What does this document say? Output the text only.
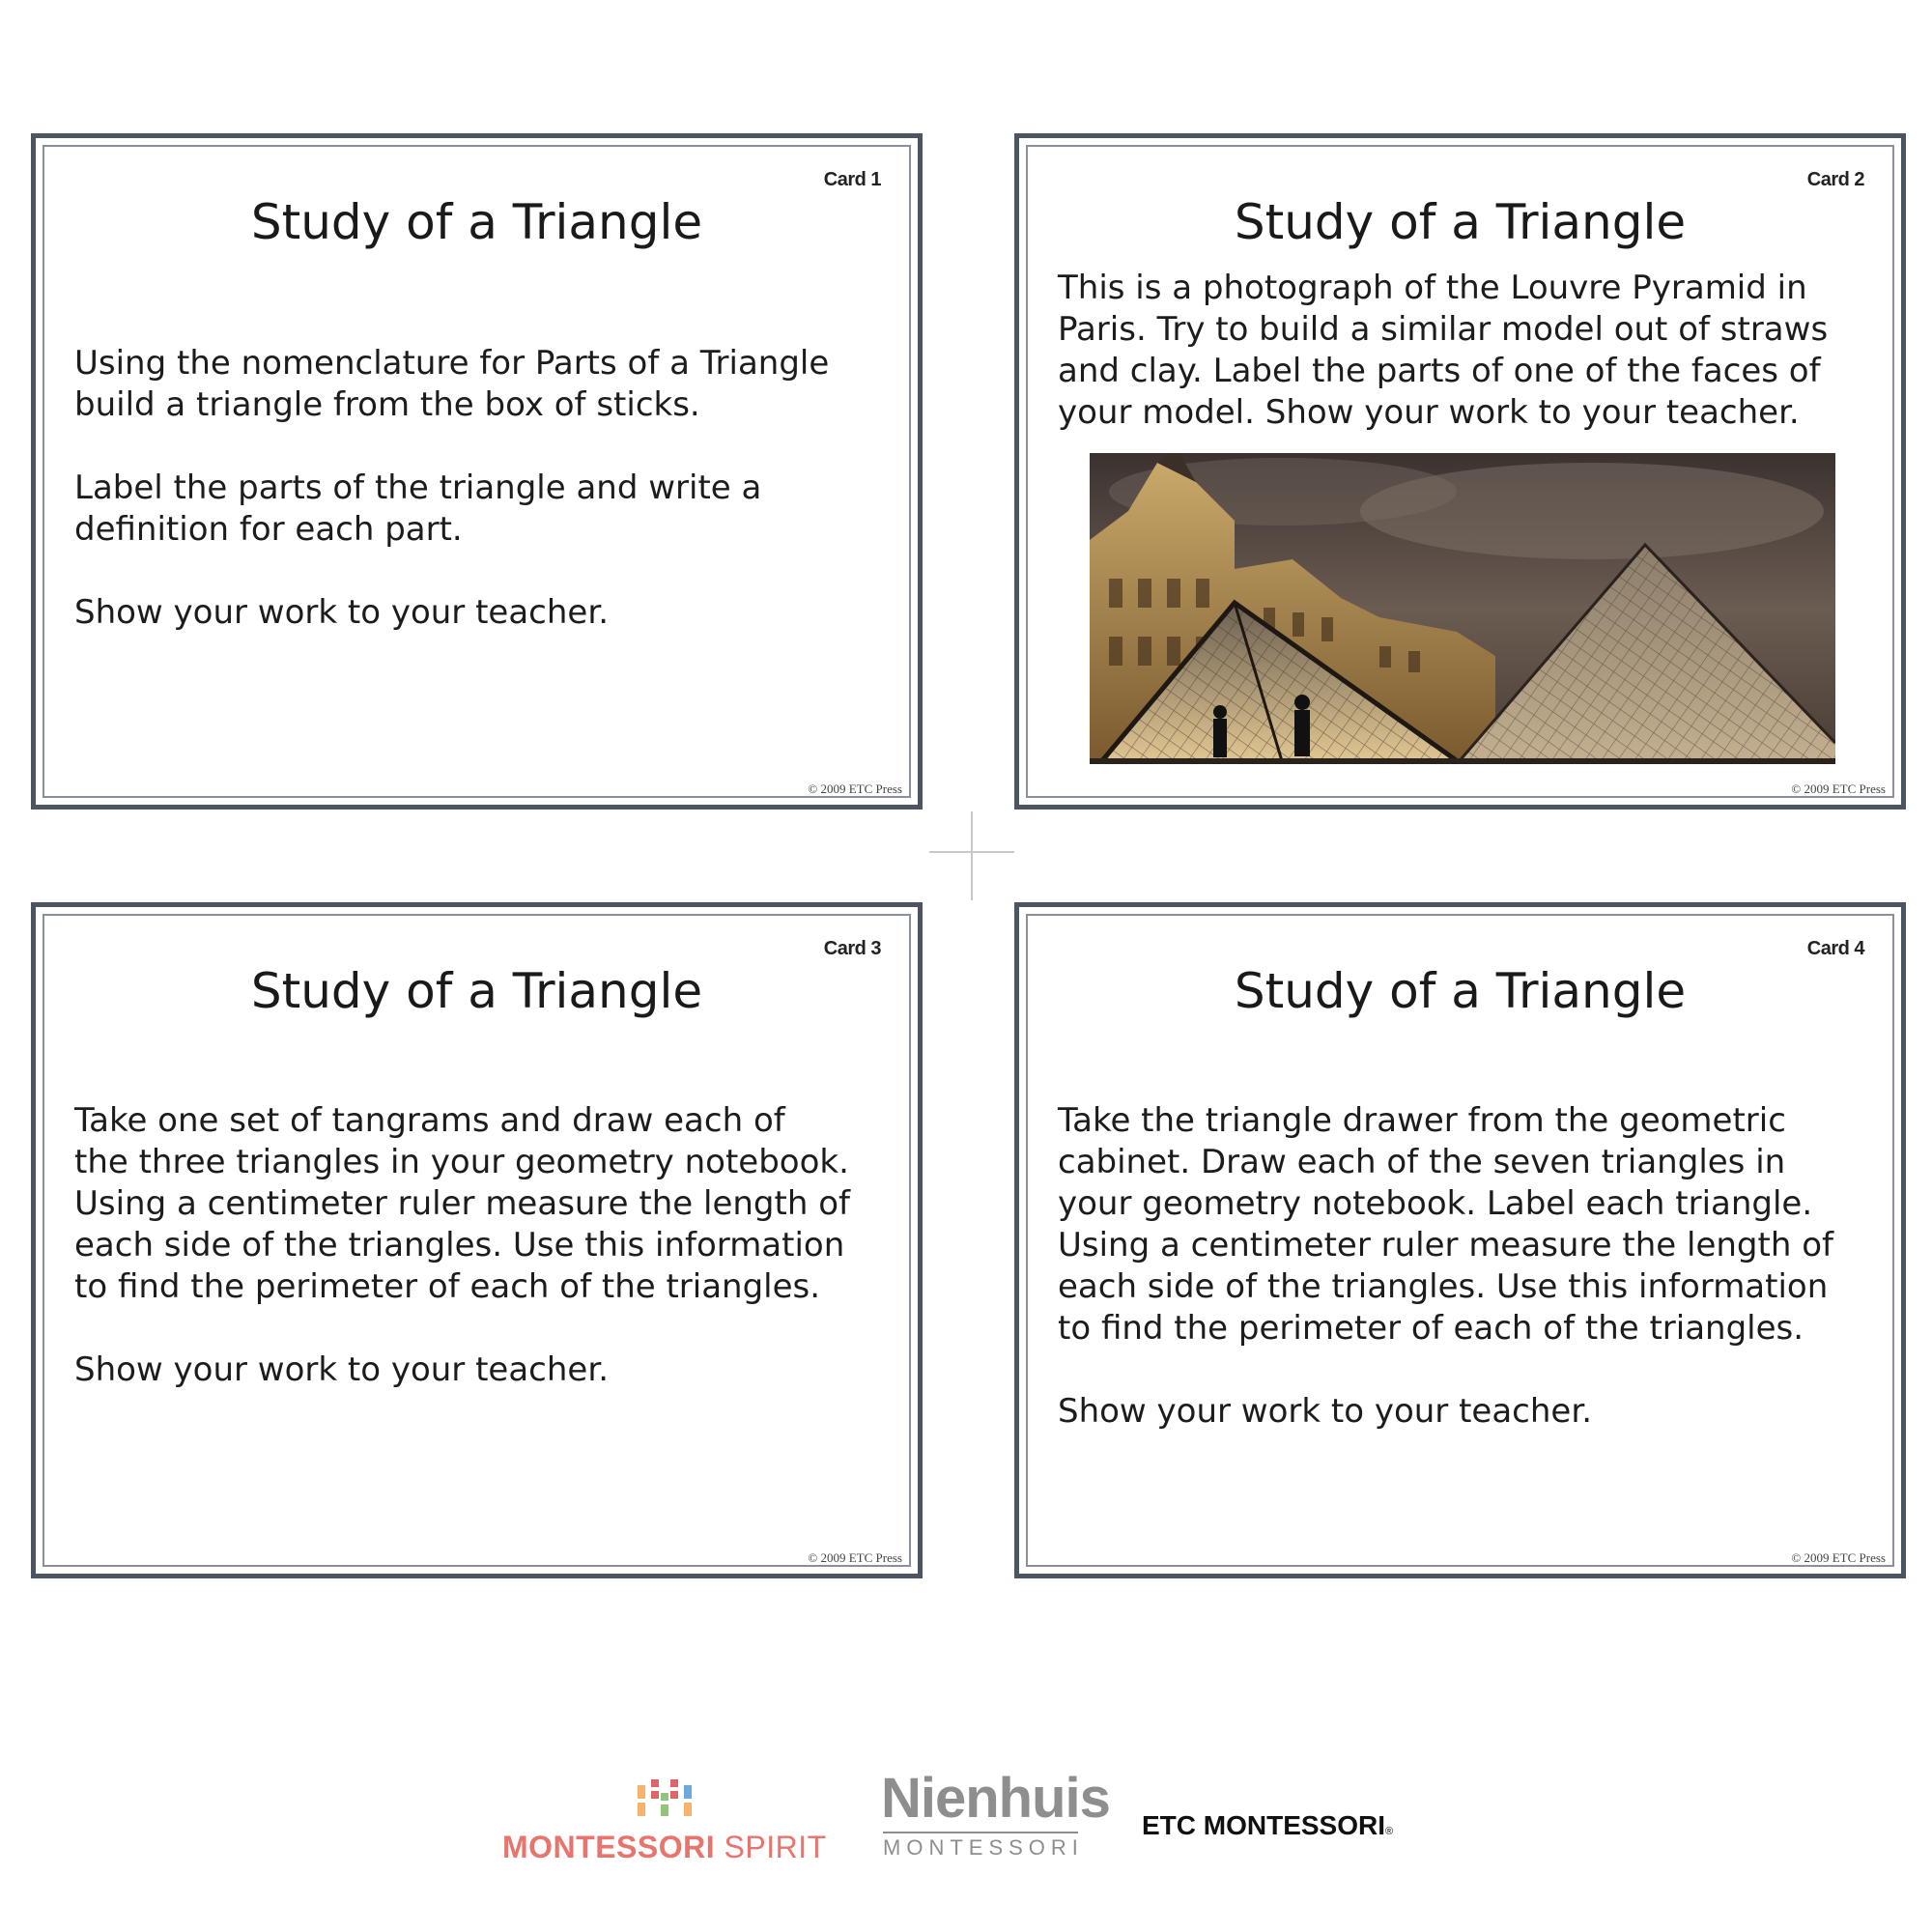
Card 1
Study of a Triangle

Using the nomenclature for Parts of a Triangle
build a triangle from the box of sticks.

Label the parts of the triangle and write a
definition for each part.

Show your work to your teacher.

© 2009 ETC Press
Card 2
Study of a Triangle

This is a photograph of the Louvre Pyramid in
Paris. Try to build a similar model out of straws
and clay. Label the parts of one of the faces of
your model. Show your work to your teacher.

© 2009 ETC Press
Card 3
Study of a Triangle

Take one set of tangrams and draw each of
the three triangles in your geometry notebook.
Using a centimeter ruler measure the length of
each side of the triangles. Use this information
to find the perimeter of each of the triangles.

Show your work to your teacher.

© 2009 ETC Press
Card 4
Study of a Triangle

Take the triangle drawer from the geometric
cabinet. Draw each of the seven triangles in
your geometry notebook. Label each triangle.
Using a centimeter ruler measure the length of
each side of the triangles. Use this information
to find the perimeter of each of the triangles.

Show your work to your teacher.

© 2009 ETC Press
MONTESSORI SPIRIT
Nienhuis
MONTESSORI
ETC MONTESSORI®
